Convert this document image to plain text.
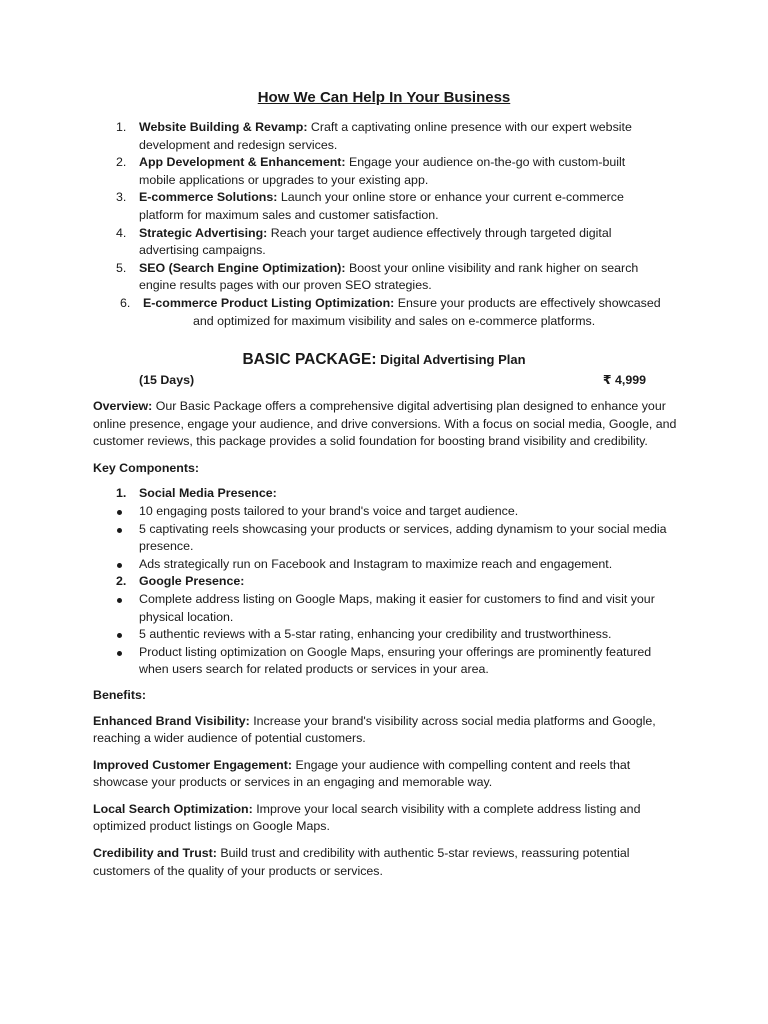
How We Can Help In Your Business
1. Website Building & Revamp: Craft a captivating online presence with our expert website development and redesign services.
2. App Development & Enhancement: Engage your audience on-the-go with custom-built mobile applications or upgrades to your existing app.
3. E-commerce Solutions: Launch your online store or enhance your current e-commerce platform for maximum sales and customer satisfaction.
4. Strategic Advertising: Reach your target audience effectively through targeted digital advertising campaigns.
5. SEO (Search Engine Optimization): Boost your online visibility and rank higher on search engine results pages with our proven SEO strategies.
6. E-commerce Product Listing Optimization: Ensure your products are effectively showcased
and optimized for maximum visibility and sales on e-commerce platforms.
BASIC PACKAGE: Digital Advertising Plan
(15 Days)	₹ 4,999

Overview: Our Basic Package offers a comprehensive digital advertising plan designed to enhance your online presence, engage your audience, and drive conversions. With a focus on social media, Google, and customer reviews, this package provides a solid foundation for boosting brand visibility and credibility.

Key Components:

1. Social Media Presence:
10 engaging posts tailored to your brand's voice and target audience.
5 captivating reels showcasing your products or services, adding dynamism to your social media presence.
Ads strategically run on Facebook and Instagram to maximize reach and engagement.
2. Google Presence:
Complete address listing on Google Maps, making it easier for customers to find and visit your physical location.
5 authentic reviews with a 5-star rating, enhancing your credibility and trustworthiness.
Product listing optimization on Google Maps, ensuring your offerings are prominently featured when users search for related products or services in your area.

Benefits:

Enhanced Brand Visibility: Increase your brand's visibility across social media platforms and Google, reaching a wider audience of potential customers.

Improved Customer Engagement: Engage your audience with compelling content and reels that showcase your products or services in an engaging and memorable way.

Local Search Optimization: Improve your local search visibility with a complete address listing and optimized product listings on Google Maps.

Credibility and Trust: Build trust and credibility with authentic 5-star reviews, reassuring potential customers of the quality of your products or services.
